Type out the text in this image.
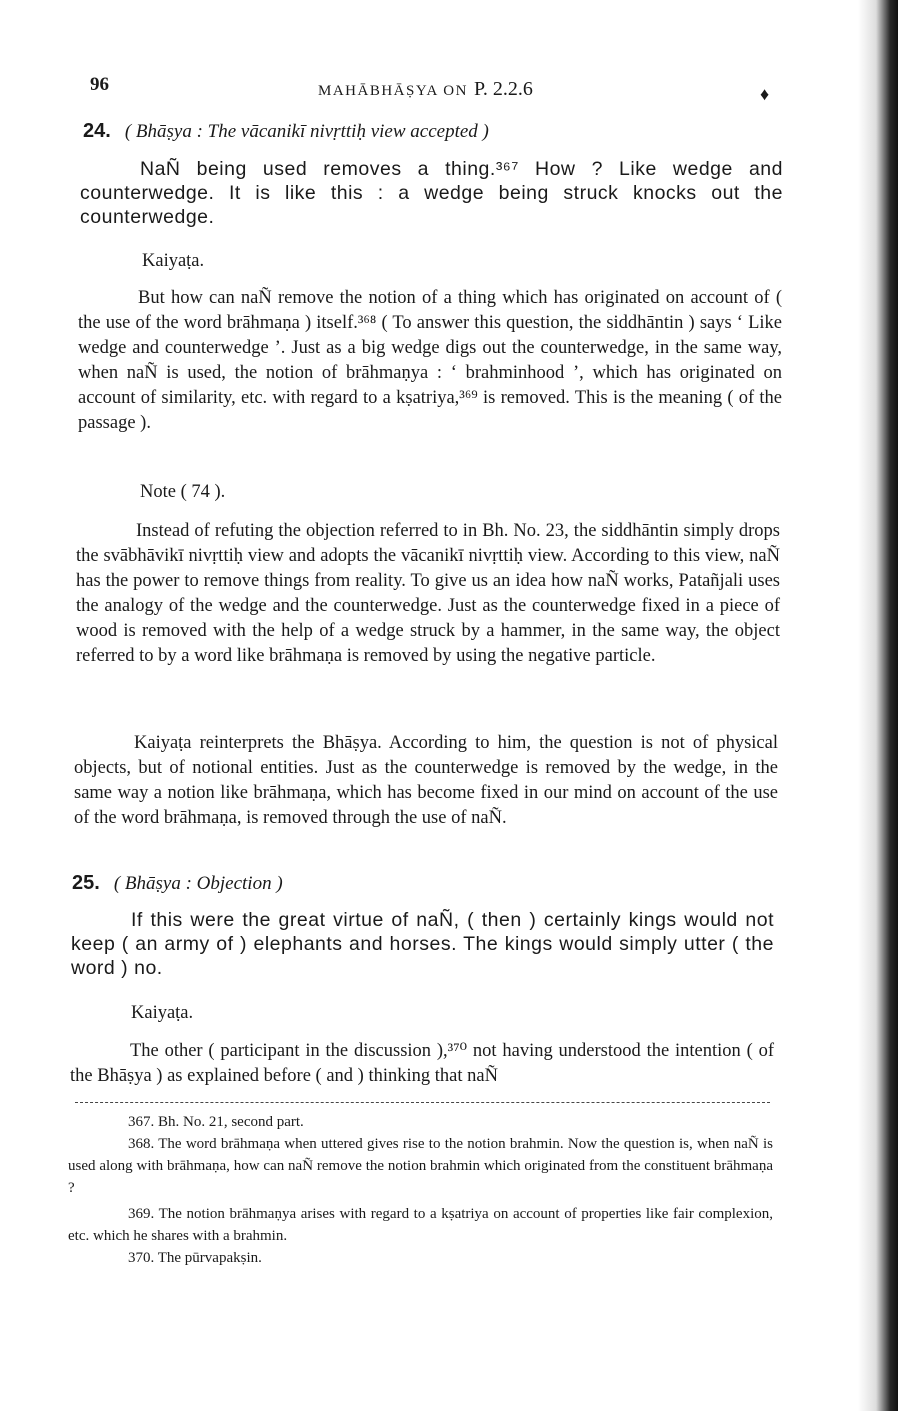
96	MAHĀBHĀṢYA ON P. 2.2.6	♦
24. ( Bhāṣya : The vācanikī nivṛttiḥ view accepted )

NaÑ being used removes a thing.³⁶⁷ How ? Like wedge and counterwedge. It is like this : a wedge being struck knocks out the counterwedge.

Kaiyaṭa.

But how can naÑ remove the notion of a thing which has originated on account of ( the use of the word brāhmaṇa ) itself.³⁶⁸ ( To answer this question, the siddhāntin ) says ‘ Like wedge and counterwedge ’. Just as a big wedge digs out the counterwedge, in the same way, when naÑ is used, the notion of brāhmaṇya : ‘ brahminhood ’, which has originated on account of similarity, etc. with regard to a kṣatriya,³⁶⁹ is removed. This is the meaning ( of the passage ).

Note ( 74 ).

Instead of refuting the objection referred to in Bh. No. 23, the siddhāntin simply drops the svābhāvikī nivṛttiḥ view and adopts the vācanikī nivṛttiḥ view. According to this view, naÑ has the power to remove things from reality. To give us an idea how naÑ works, Patañjali uses the analogy of the wedge and the counterwedge. Just as the counterwedge fixed in a piece of wood is removed with the help of a wedge struck by a hammer, in the same way, the object referred to by a word like brāhmaṇa is removed by using the negative particle.

Kaiyaṭa reinterprets the Bhāṣya. According to him, the question is not of physical objects, but of notional entities. Just as the counterwedge is removed by the wedge, in the same way a notion like brāhmaṇa, which has become fixed in our mind on account of the use of the word brāhmaṇa, is removed through the use of naÑ.

25. ( Bhāṣya : Objection )

If this were the great virtue of naÑ, ( then ) certainly kings would not keep ( an army of ) elephants and horses. The kings would simply utter ( the word ) no.

Kaiyaṭa.

The other ( participant in the discussion ),³⁷⁰ not having understood the intention ( of the Bhāṣya ) as explained before ( and ) thinking that naÑ

367. Bh. No. 21, second part.

368. The word brāhmaṇa when uttered gives rise to the notion brahmin. Now the question is, when naÑ is used along with brāhmaṇa, how can naÑ remove the notion brahmin which originated from the constituent brāhmaṇa ?

369. The notion brāhmaṇya arises with regard to a kṣatriya on account of properties like fair complexion, etc. which he shares with a brahmin.

370. The pūrvapakṣin.
